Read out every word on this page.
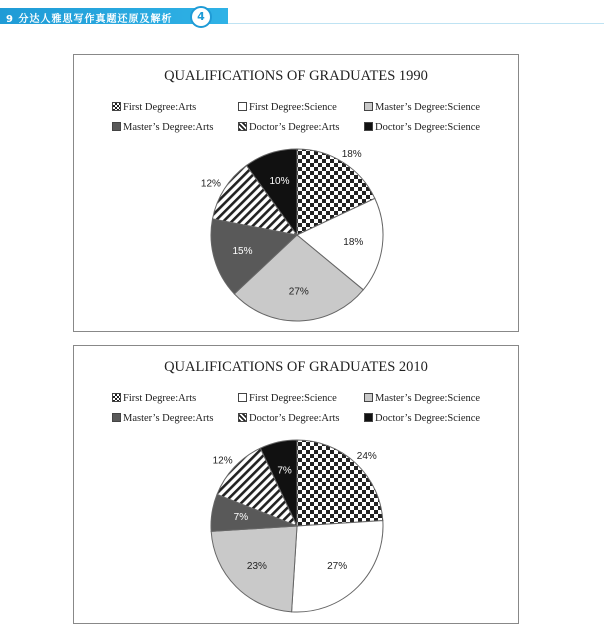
9 分达人雅思写作真题还原及解析	4
QUALIFICATIONS OF GRADUATES 1990
First Degree:Arts	First Degree:Science	Master’s Degree:Science
Master’s Degree:Arts	Doctor’s Degree:Arts	Doctor’s Degree:Science
18%
18%
27%
15%
12%	10%
QUALIFICATIONS OF GRADUATES 2010
First Degree:Arts	First Degree:Science	Master’s Degree:Science
Master’s Degree:Arts	Doctor’s Degree:Arts	Doctor’s Degree:Science
24%
27%
23%
7%
12%
7%
